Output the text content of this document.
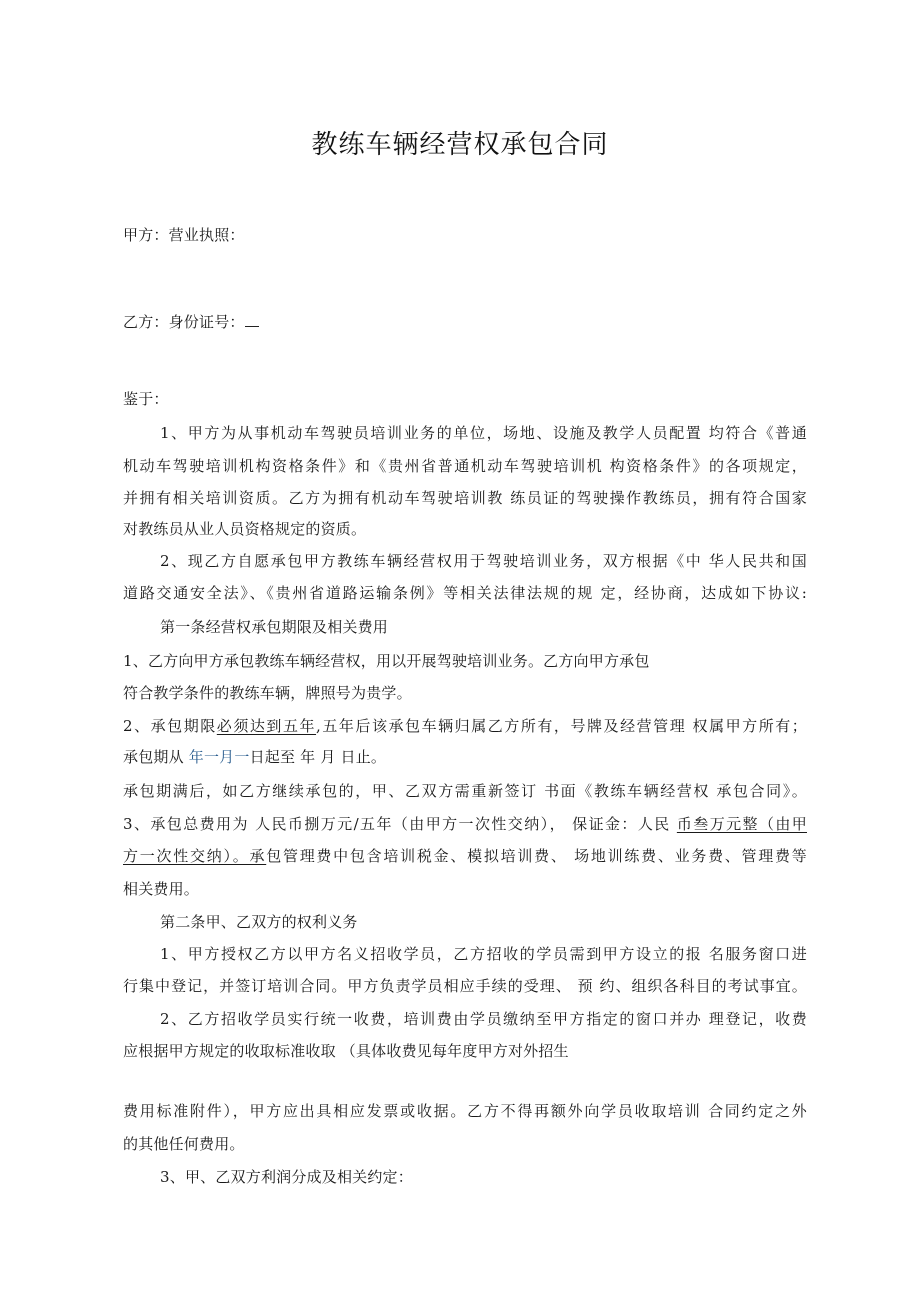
教练车辆经营权承包合同
甲方：营业执照：
乙方：身份证号：
鉴于：
1、甲方为从事机动车驾驶员培训业务的单位，场地、设施及教学人员配置 均符合《普通
机动车驾驶培训机构资格条件》和《贵州省普通机动车驾驶培训机 构资格条件》的各项规定，
并拥有相关培训资质。乙方为拥有机动车驾驶培训教 练员证的驾驶操作教练员，拥有符合国家
对教练员从业人员资格规定的资质。
2、现乙方自愿承包甲方教练车辆经营权用于驾驶培训业务，双方根据《中 华人民共和国
道路交通安全法》、《贵州省道路运输条例》等相关法律法规的规 定，经协商，达成如下协议:
第一条经营权承包期限及相关费用
1、乙方向甲方承包教练车辆经营权，用以开展驾驶培训业务。乙方向甲方承包
符合教学条件的教练车辆，牌照号为贵学。
2、承包期限必须达到五年,五年后该承包车辆归属乙方所有，号牌及经营管理 权属甲方所有；
承包期从 年一月一日起至 年 月 日止。
承包期满后，如乙方继续承包的，甲、乙双方需重新签订 书面《教练车辆经营权 承包合同》。
3、承包总费用为 人民币捌万元/五年（由甲方一次性交纳）， 保证金：人民 币叁万元整（由甲
方一次性交纳）。承包管理费中包含培训税金、模拟培训费、 场地训练费、业务费、管理费等
相关费用。
第二条甲、乙双方的权利义务
1、甲方授权乙方以甲方名义招收学员，乙方招收的学员需到甲方设立的报 名服务窗口进
行集中登记，并签订培训合同。甲方负责学员相应手续的受理、 预 约、组织各科目的考试事宜。
2、乙方招收学员实行统一收费，培训费由学员缴纳至甲方指定的窗口并办 理登记，收费
应根据甲方规定的收取标准收取 （具体收费见每年度甲方对外招生
费用标准附件），甲方应出具相应发票或收据。乙方不得再额外向学员收取培训 合同约定之外
的其他任何费用。
3、甲、乙双方利润分成及相关约定：
